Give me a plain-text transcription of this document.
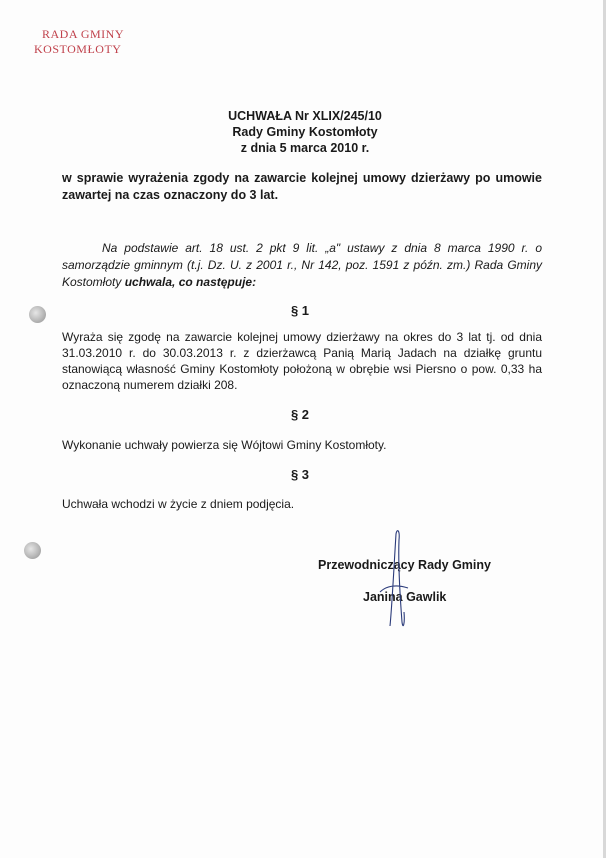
RADA GMINY
KOSTOMŁOTY
UCHWAŁA Nr XLIX/245/10
Rady Gminy Kostomłoty
z dnia 5 marca 2010 r.
w sprawie wyrażenia zgody na zawarcie kolejnej umowy dzierżawy po umowie zawartej na czas oznaczony do 3 lat.
Na podstawie art. 18 ust. 2 pkt 9 lit. „a" ustawy z dnia 8 marca 1990 r. o samorządzie gminnym (t.j. Dz. U. z 2001 r., Nr 142, poz. 1591 z późn. zm.) Rada Gminy Kostomłoty uchwala, co następuje:
§ 1
Wyraża się zgodę na zawarcie kolejnej umowy dzierżawy na okres do 3 lat tj. od dnia 31.03.2010 r. do 30.03.2013 r. z dzierżawcą Panią Marią Jadach na działkę gruntu stanowiącą własność Gminy Kostomłoty położoną w obrębie wsi Piersno o pow. 0,33 ha oznaczoną numerem działki 208.
§ 2
Wykonanie uchwały powierza się Wójtowi Gminy Kostomłoty.
§ 3
Uchwała wchodzi w życie z dniem podjęcia.
Przewodniczący Rady Gminy
Janina Gawlik
